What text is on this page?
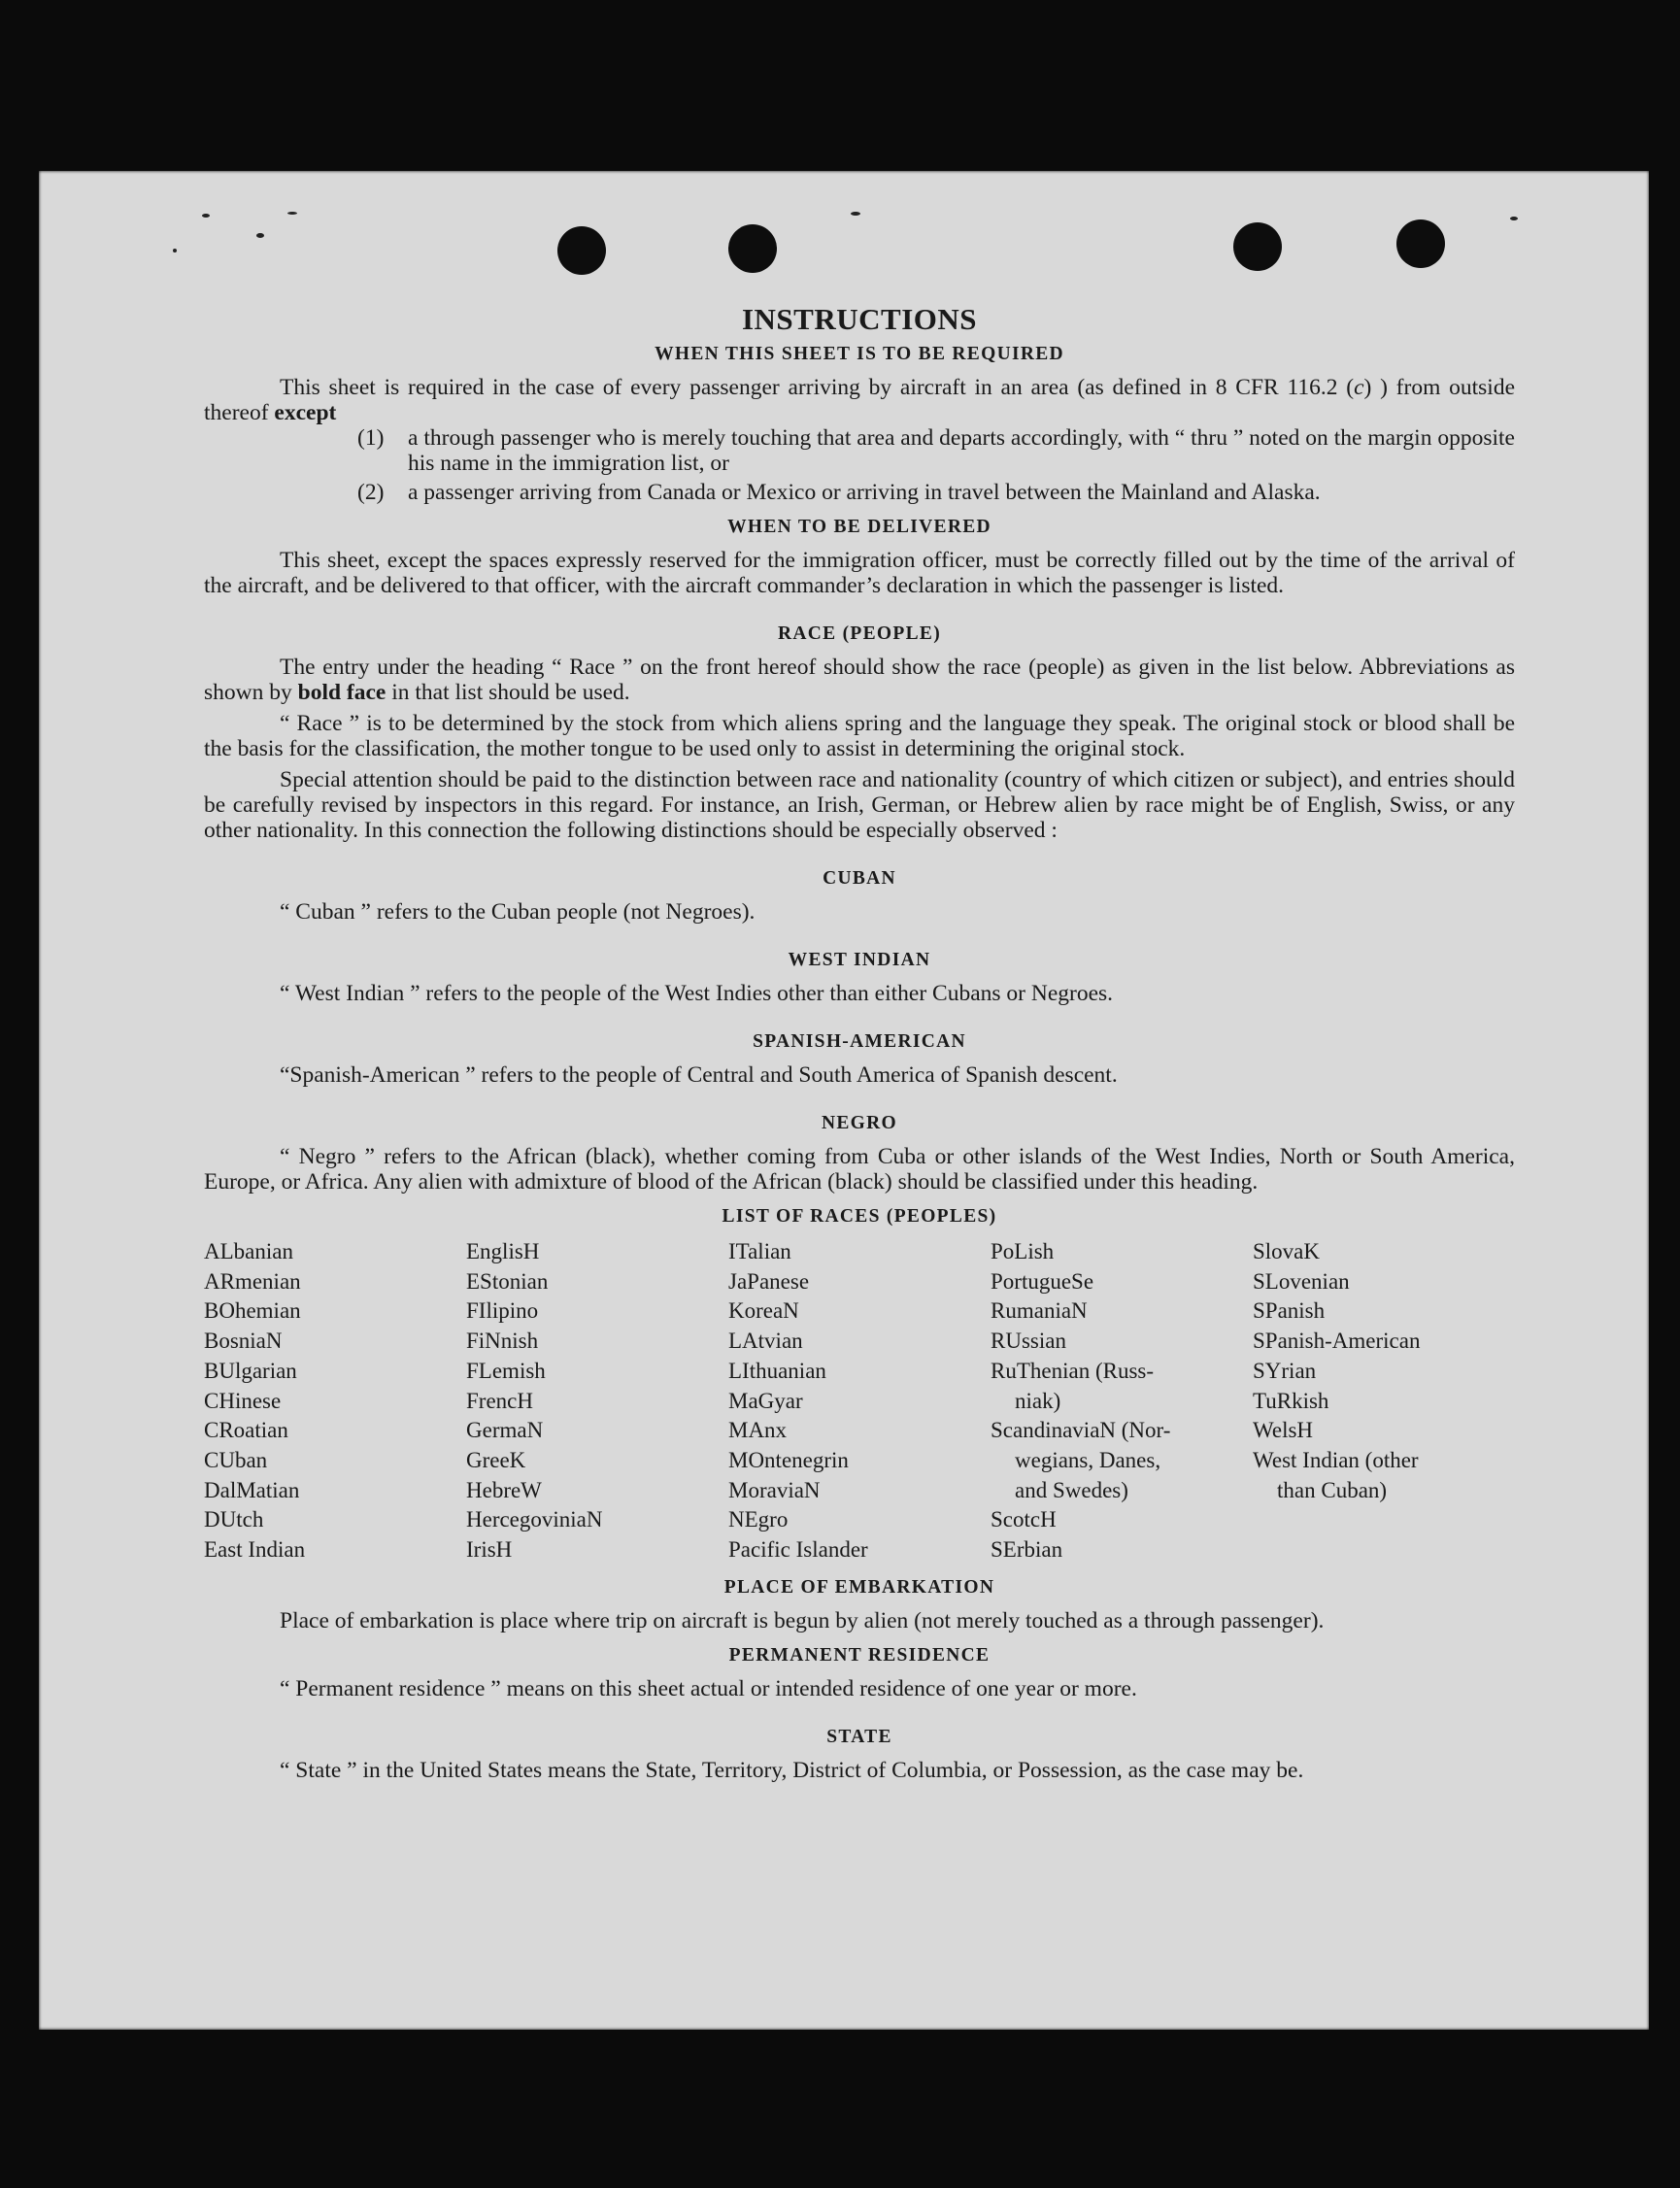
INSTRUCTIONS
WHEN THIS SHEET IS TO BE REQUIRED

This sheet is required in the case of every passenger arriving by aircraft in an area (as defined in 8 CFR 116.2 (c) ) from outside thereof except

(1)	a through passenger who is merely touching that area and departs accordingly, with “ thru ” noted on the margin opposite his name in the immigration list, or
(2)	a passenger arriving from Canada or Mexico or arriving in travel between the Mainland and Alaska.
WHEN TO BE DELIVERED

This sheet, except the spaces expressly reserved for the immigration officer, must be correctly filled out by the time of the arrival of the aircraft, and be delivered to that officer, with the aircraft commander’s declaration in which the passenger is listed.

RACE (PEOPLE)

The entry under the heading “ Race ” on the front hereof should show the race (people) as given in the list below. Abbreviations as shown by bold face in that list should be used.

“ Race ” is to be determined by the stock from which aliens spring and the language they speak. The original stock or blood shall be the basis for the classification, the mother tongue to be used only to assist in determining the original stock.

Special attention should be paid to the distinction between race and nationality (country of which citizen or subject), and entries should be carefully revised by inspectors in this regard. For instance, an Irish, German, or Hebrew alien by race might be of English, Swiss, or any other nationality. In this connection the following distinctions should be especially observed :

CUBAN

“ Cuban ” refers to the Cuban people (not Negroes).

WEST INDIAN

“ West Indian ” refers to the people of the West Indies other than either Cubans or Negroes.

SPANISH-AMERICAN

“Spanish-American ” refers to the people of Central and South America of Spanish descent.

NEGRO

“ Negro ” refers to the African (black), whether coming from Cuba or other islands of the West Indies, North or South America, Europe, or Africa. Any alien with admixture of blood of the African (black) should be classified under this heading.

LIST OF RACES (PEOPLES)
ALbanian
ARmenian
BOhemian
BosniaN
BUlgarian
CHinese
CRoatian
CUban
DalMatian
DUtch
East Indian
EnglisH
EStonian
FIlipino
FiNnish
FLemish
FrencH
GermaN
GreeK
HebreW
HercegoviniaN
IrisH
ITalian
JaPanese
KoreaN
LAtvian
LIthuanian
MaGyar
MAnx
MOntenegrin
MoraviaN
NEgro
Pacific Islander
PoLish
PortugueSe
RumaniaN
RUssian
RuThenian (Russ-
niak)
ScandinaviaN (Nor-
wegians, Danes,
and Swedes)
ScotcH
SErbian
SlovaK
SLovenian
SPanish
SPanish-American
SYrian
TuRkish
WelsH
West Indian (other
than Cuban)
PLACE OF EMBARKATION

Place of embarkation is place where trip on aircraft is begun by alien (not merely touched as a through passenger).

PERMANENT RESIDENCE

“ Permanent residence ” means on this sheet actual or intended residence of one year or more.

STATE

“ State ” in the United States means the State, Territory, District of Columbia, or Possession, as the case may be.
